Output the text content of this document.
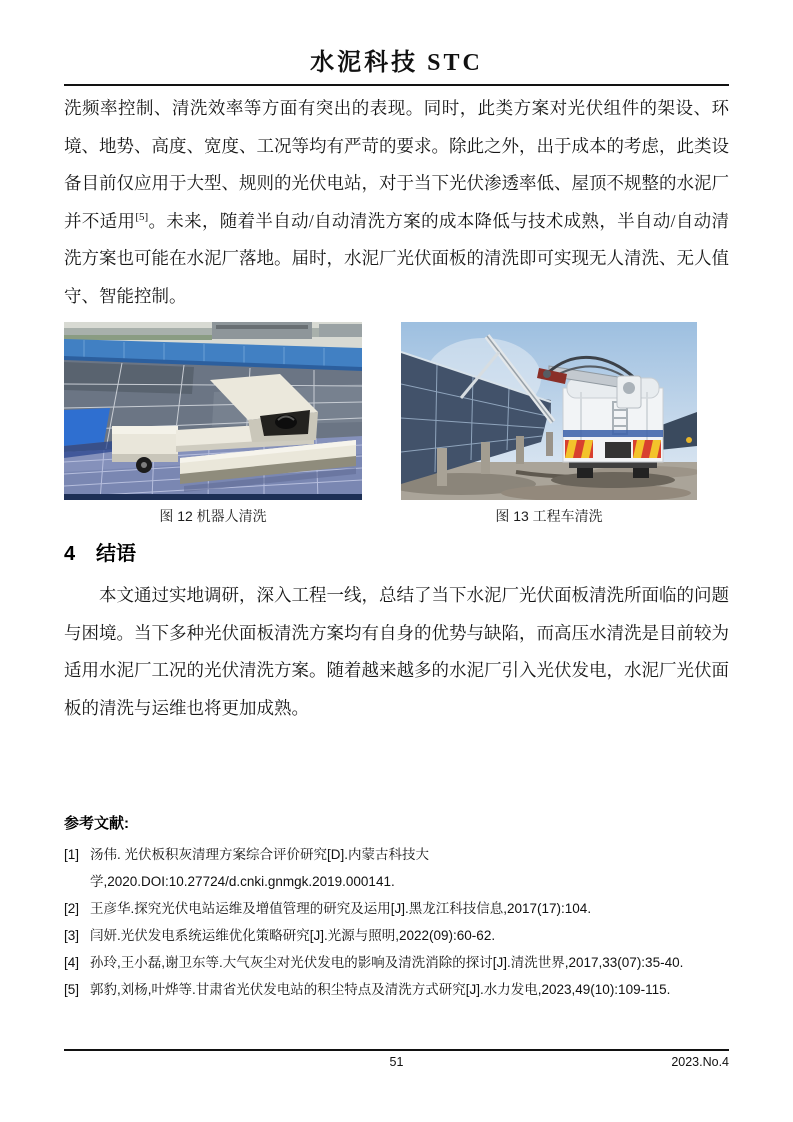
水泥科技 STC

洗频率控制、清洗效率等方面有突出的表现。同时，此类方案对光伏组件的架设、环境、地势、高度、宽度、工况等均有严苛的要求。除此之外，出于成本的考虑，此类设备目前仅应用于大型、规则的光伏电站，对于当下光伏渗透率低、屋顶不规整的水泥厂并不适用[5]。未来，随着半自动/自动清洗方案的成本降低与技术成熟，半自动/自动清洗方案也可能在水泥厂落地。届时，水泥厂光伏面板的清洗即可实现无人清洗、无人值守、智能控制。

图 12 机器人清洗	图 13 工程车清洗
4 结语

本文通过实地调研，深入工程一线，总结了当下水泥厂光伏面板清洗所面临的问题与困境。当下多种光伏面板清洗方案均有自身的优势与缺陷，而高压水清洗是目前较为适用水泥厂工况的光伏清洗方案。随着越来越多的水泥厂引入光伏发电，水泥厂光伏面板的清洗与运维也将更加成熟。

参考文献:
[1] 汤伟. 光伏板积灰清理方案综合评价研究[D].内蒙古科技大学,2020.DOI:10.27724/d.cnki.gnmgk.2019.000141.
[2] 王彦华.探究光伏电站运维及增值管理的研究及运用[J].黑龙江科技信息,2017(17):104.
[3] 闫妍.光伏发电系统运维优化策略研究[J].光源与照明,2022(09):60-62.
[4] 孙玲,王小磊,谢卫东等.大气灰尘对光伏发电的影响及清洗消除的探讨[J].清洗世界,2017,33(07):35-40.
[5] 郭豹,刘杨,叶烨等.甘肃省光伏发电站的积尘特点及清洗方式研究[J].水力发电,2023,49(10):109-115.
51	2023.No.4
